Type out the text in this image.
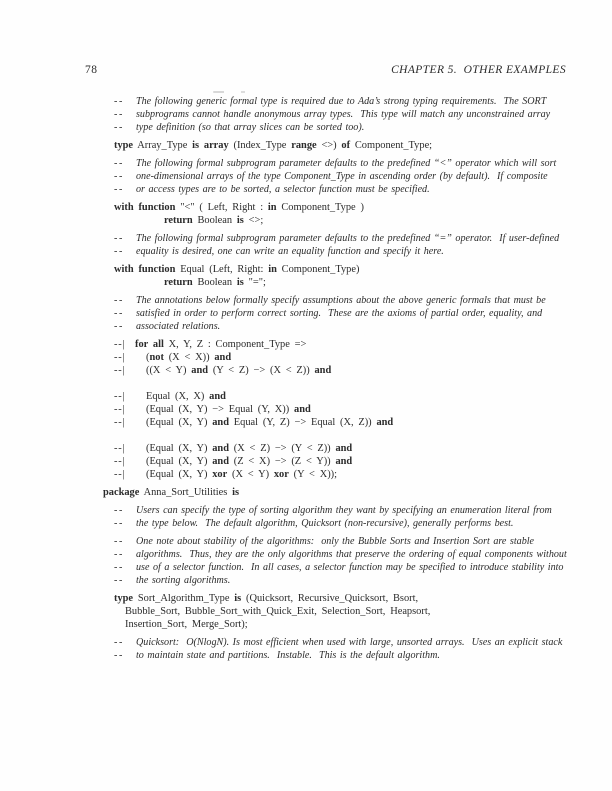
78	CHAPTER 5.  OTHER EXAMPLES
-- The following generic formal type is required due to Ada’s strong typing requirements.  The SORT
-- subprograms cannot handle anonymous array types.  This type will match any unconstrained array
-- type definition (so that array slices can be sorted too).
type Array_Type is array (Index_Type range <>) of Component_Type;
-- The following formal subprogram parameter defaults to the predefined “<” operator which will sort
-- one-dimensional arrays of the type Component_Type in ascending order (by default).  If composite
-- or access types are to be sorted, a selector function must be specified.
with function "<" ( Left, Right : in Component_Type )
return Boolean is <>;
-- The following formal subprogram parameter defaults to the predefined “=” operator.  If user-defined
-- equality is desired, one can write an equality function and specify it here.
with function Equal (Left, Right: in Component_Type)
return Boolean is "=";
-- The annotations below formally specify assumptions about the above generic formals that must be
-- satisfied in order to perform correct sorting.  These are the axioms of partial order, equality, and
-- associated relations.
--| for all X, Y, Z : Component_Type =>
--| (not (X < X)) and
--| ((X < Y) and (Y < Z) −> (X < Z)) and
--| Equal (X, X) and
--| (Equal (X, Y) −> Equal (Y, X)) and
--| (Equal (X, Y) and Equal (Y, Z) −> Equal (X, Z)) and
--| (Equal (X, Y) and (X < Z) −> (Y < Z)) and
--| (Equal (X, Y) and (Z < X) −> (Z < Y)) and
--| (Equal (X, Y) xor (X < Y) xor (Y < X));
package Anna_Sort_Utilities is
-- Users can specify the type of sorting algorithm they want by specifying an enumeration literal from
-- the type below.  The default algorithm, Quicksort (non-recursive), generally performs best.
-- One note about stability of the algorithms:  only the Bubble Sorts and Insertion Sort are stable
-- algorithms.  Thus, they are the only algorithms that preserve the ordering of equal components without
-- use of a selector function.  In all cases, a selector function may be specified to introduce stability into
-- the sorting algorithms.
type Sort_Algorithm_Type is (Quicksort, Recursive_Quicksort, Bsort,
Bubble_Sort, Bubble_Sort_with_Quick_Exit, Selection_Sort, Heapsort,
Insertion_Sort, Merge_Sort);
-- Quicksort:  O(NlogN). Is most efficient when used with large, unsorted arrays.  Uses an explicit stack
-- to maintain state and partitions.  Instable.  This is the default algorithm.
